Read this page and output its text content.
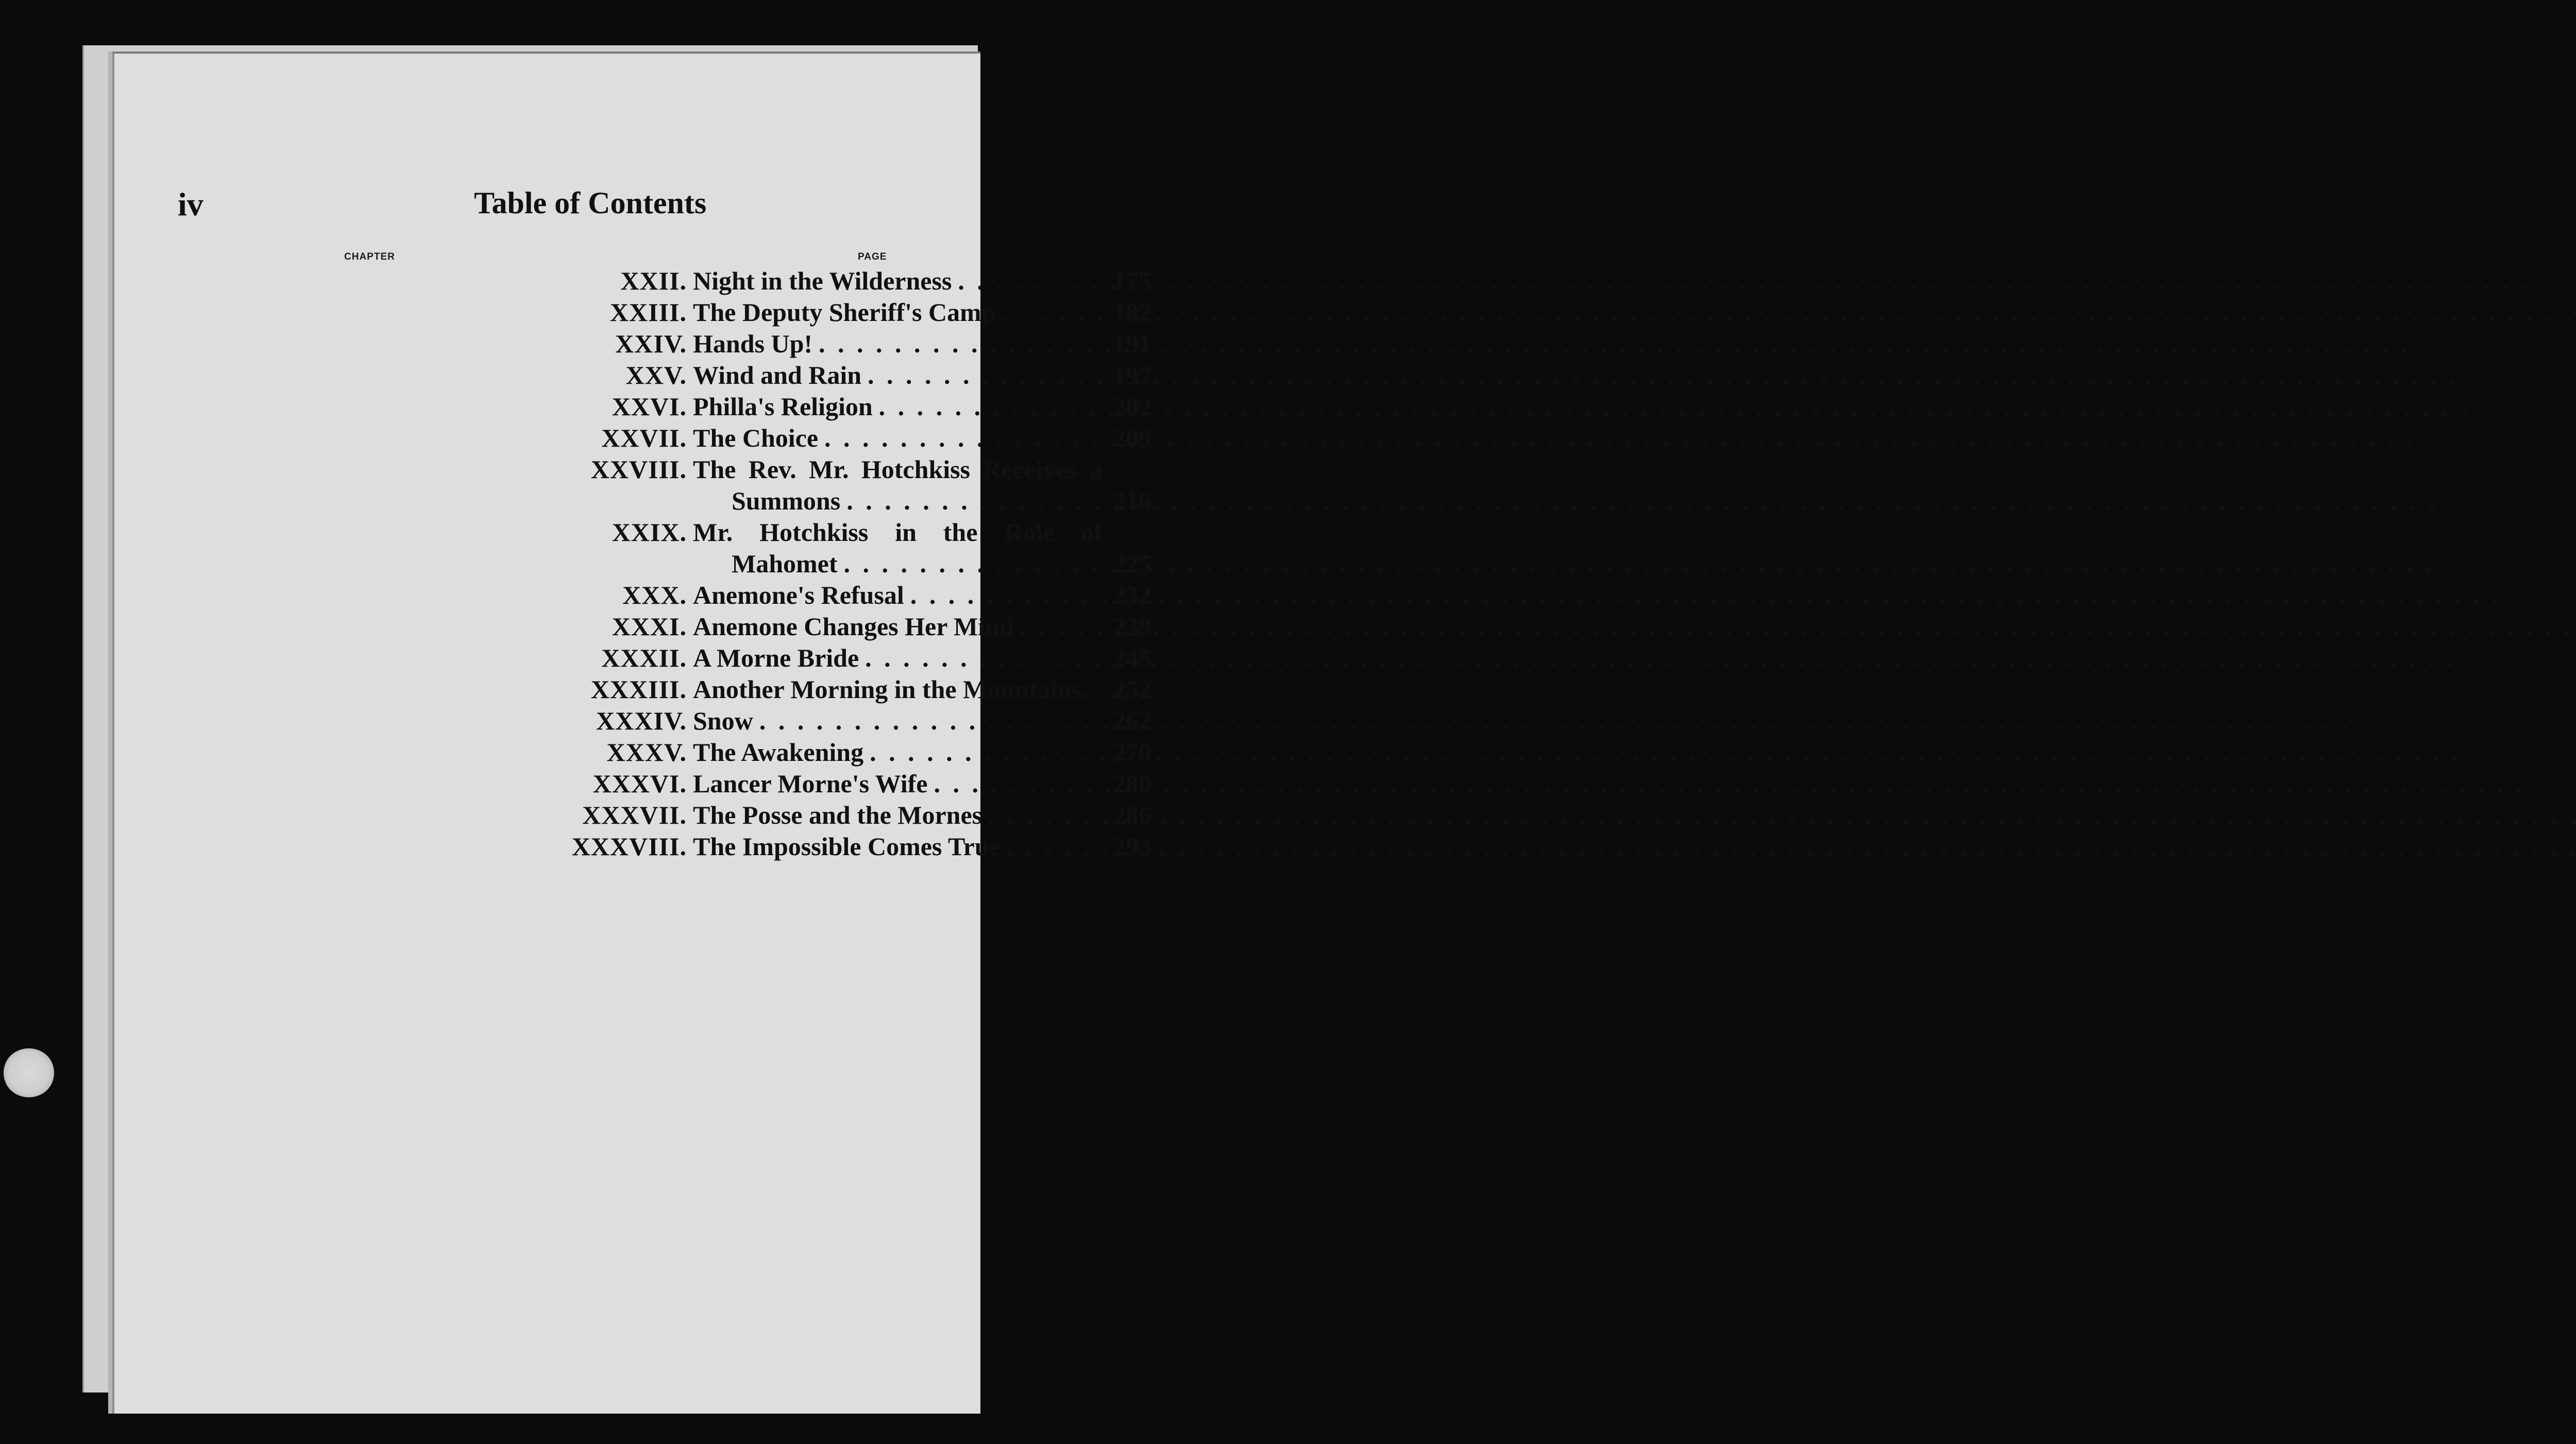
iv	Table of Contents
CHAPTER	PAGE
XXII. Night in the Wilderness . . .	175
XXIII. The Deputy Sheriff's Camp . . .	182
XXIV. Hands Up! . . .	191
XXV. Wind and Rain . . .	197
XXVI. Philla's Religion . . .	202
XXVII. The Choice . . .	209
XXVIII. The Rev. Mr. Hotchkiss Receives a
Summons . . .	216
XXIX. Mr. Hotchkiss in the Role of
Mahomet . . .	225
XXX. Anemone's Refusal . . .	232
XXXI. Anemone Changes Her Mind . . .	239
XXXII. A Morne Bride . . .	245
XXXIII. Another Morning in the Mountains. 252
XXXIV. Snow . . .	262
XXXV. The Awakening . . .	270
XXXVI. Lancer Morne's Wife . . .	280
XXXVII. The Posse and the Mornes . . .	286
XXXVIII. The Impossible Comes True . . .	293
